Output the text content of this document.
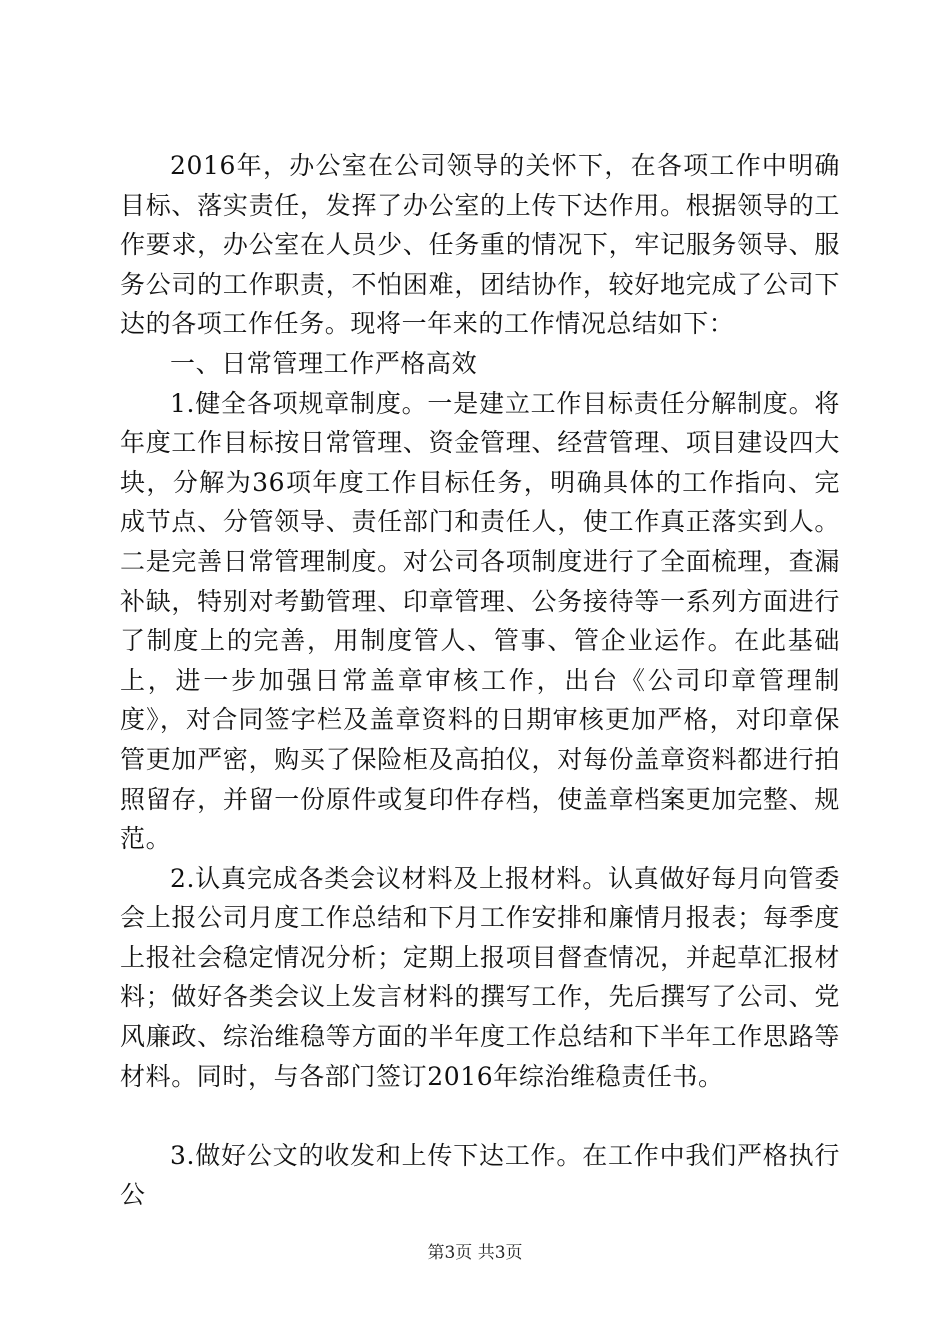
2016年，办公室在公司领导的关怀下，在各项工作中明确目标、落实责任，发挥了办公室的上传下达作用。根据领导的工作要求，办公室在人员少、任务重的情况下，牢记服务领导、服务公司的工作职责，不怕困难，团结协作，较好地完成了公司下达的各项工作任务。现将一年来的工作情况总结如下：

一、日常管理工作严格高效

1.健全各项规章制度。一是建立工作目标责任分解制度。将年度工作目标按日常管理、资金管理、经营管理、项目建设四大块，分解为36项年度工作目标任务，明确具体的工作指向、完成节点、分管领导、责任部门和责任人，使工作真正落实到人。二是完善日常管理制度。对公司各项制度进行了全面梳理，查漏补缺，特别对考勤管理、印章管理、公务接待等一系列方面进行了制度上的完善，用制度管人、管事、管企业运作。在此基础上，进一步加强日常盖章审核工作，出台《公司印章管理制度》，对合同签字栏及盖章资料的日期审核更加严格，对印章保管更加严密，购买了保险柜及高拍仪，对每份盖章资料都进行拍照留存，并留一份原件或复印件存档，使盖章档案更加完整、规范。

2.认真完成各类会议材料及上报材料。认真做好每月向管委会上报公司月度工作总结和下月工作安排和廉情月报表；每季度上报社会稳定情况分析；定期上报项目督查情况，并起草汇报材料；做好各类会议上发言材料的撰写工作，先后撰写了公司、党风廉政、综治维稳等方面的半年度工作总结和下半年工作思路等材料。同时，与各部门签订2016年综治维稳责任书。

3.做好公文的收发和上传下达工作。在工作中我们严格执行公

第3页 共3页
